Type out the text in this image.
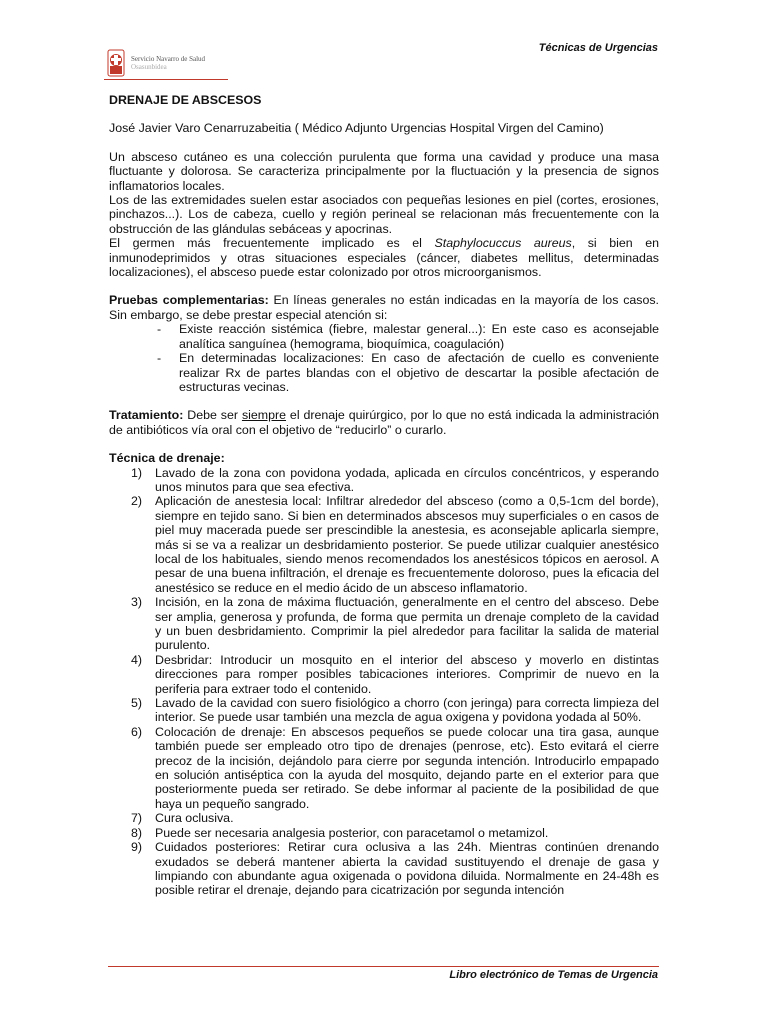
Técnicas de Urgencias
Servicio Navarro de Salud
Osasunbidea

DRENAJE DE ABSCESOS

José Javier Varo Cenarruzabeitia ( Médico Adjunto Urgencias Hospital Virgen del Camino)

Un absceso cutáneo es una colección purulenta que forma una cavidad y produce una masa fluctuante y dolorosa. Se caracteriza principalmente por la fluctuación y la presencia de signos inflamatorios locales.

Los de las extremidades suelen estar asociados con pequeñas lesiones en piel (cortes, erosiones, pinchazos...). Los de cabeza, cuello y región perineal se relacionan más frecuentemente con la obstrucción de las glándulas sebáceas y apocrinas.

El germen más frecuentemente implicado es el Staphylocuccus aureus, si bien en inmunodeprimidos y otras situaciones especiales (cáncer, diabetes mellitus, determinadas localizaciones), el absceso puede estar colonizado por otros microorganismos.

Pruebas complementarias: En líneas generales no están indicadas en la mayoría de los casos. Sin embargo, se debe prestar especial atención si:

- Existe reacción sistémica (fiebre, malestar general...): En este caso es aconsejable analítica sanguínea (hemograma, bioquímica, coagulación)
- En determinadas localizaciones: En caso de afectación de cuello es conveniente realizar Rx de partes blandas con el objetivo de descartar la posible afectación de estructuras vecinas.

Tratamiento: Debe ser siempre el drenaje quirúrgico, por lo que no está indicada la administración de antibióticos vía oral con el objetivo de “reducirlo” o curarlo.

Técnica de drenaje:

1) Lavado de la zona con povidona yodada, aplicada en círculos concéntricos, y esperando unos minutos para que sea efectiva.
2) Aplicación de anestesia local: Infiltrar alrededor del absceso (como a 0,5-1cm del borde), siempre en tejido sano. Si bien en determinados abscesos muy superficiales o en casos de piel muy macerada puede ser prescindible la anestesia, es aconsejable aplicarla siempre, más si se va a realizar un desbridamiento posterior. Se puede utilizar cualquier anestésico local de los habituales, siendo menos recomendados los anestésicos tópicos en aerosol. A pesar de una buena infiltración, el drenaje es frecuentemente doloroso, pues la eficacia del anestésico se reduce en el medio ácido de un absceso inflamatorio.
3) Incisión, en la zona de máxima fluctuación, generalmente en el centro del absceso. Debe ser amplia, generosa y profunda, de forma que permita un drenaje completo de la cavidad y un buen desbridamiento. Comprimir la piel alrededor para facilitar la salida de material purulento.
4) Desbridar: Introducir un mosquito en el interior del absceso y moverlo en distintas direcciones para romper posibles tabicaciones interiores. Comprimir de nuevo en la periferia para extraer todo el contenido.
5) Lavado de la cavidad con suero fisiológico a chorro (con jeringa) para correcta limpieza del interior. Se puede usar también una mezcla de agua oxigena y povidona yodada al 50%.
6) Colocación de drenaje: En abscesos pequeños se puede colocar una tira gasa, aunque también puede ser empleado otro tipo de drenajes (penrose, etc). Esto evitará el cierre precoz de la incisión, dejándolo para cierre por segunda intención. Introducirlo empapado en solución antiséptica con la ayuda del mosquito, dejando parte en el exterior para que posteriormente pueda ser retirado. Se debe informar al paciente de la posibilidad de que haya un pequeño sangrado.
7) Cura oclusiva.
8) Puede ser necesaria analgesia posterior, con paracetamol o metamizol.
9) Cuidados posteriores: Retirar cura oclusiva a las 24h. Mientras continúen drenando exudados se deberá mantener abierta la cavidad sustituyendo el drenaje de gasa y limpiando con abundante agua oxigenada o povidona diluida. Normalmente en 24-48h es posible retirar el drenaje, dejando para cicatrización por segunda intención
Libro electrónico de Temas de Urgencia
